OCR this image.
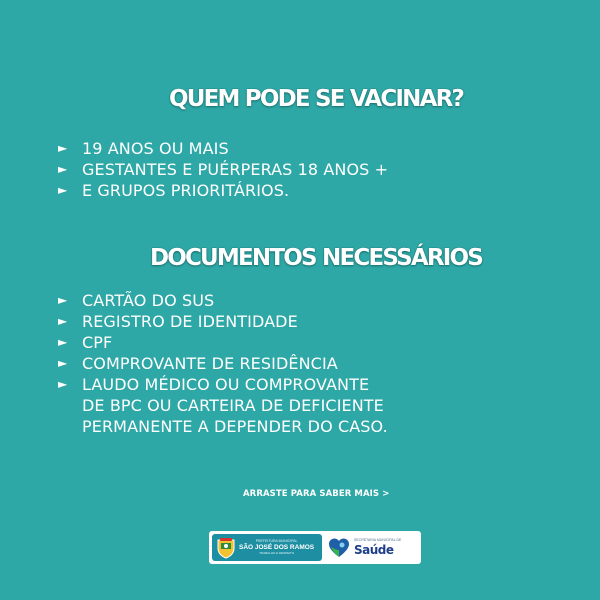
QUEM PODE SE VACINAR?
► 19 ANOS OU MAIS
► GESTANTES E PUÉRPERAS 18 ANOS +
► E GRUPOS PRIORITÁRIOS.
DOCUMENTOS NECESSÁRIOS
► CARTÃO DO SUS
► REGISTRO DE IDENTIDADE
► CPF
► COMPROVANTE DE RESIDÊNCIA
► LAUDO MÉDICO OU COMPROVANTE
DE BPC OU CARTEIRA DE DEFICIENTE
PERMANENTE A DEPENDER DO CASO.
ARRASTE PARA SABER MAIS >
PREFEITURA MUNICIPAL
SÃO JOSÉ DOS RAMOS
TRABALHO E RESPEITO
SECRETARIA MUNICIPAL DE
Saúde
